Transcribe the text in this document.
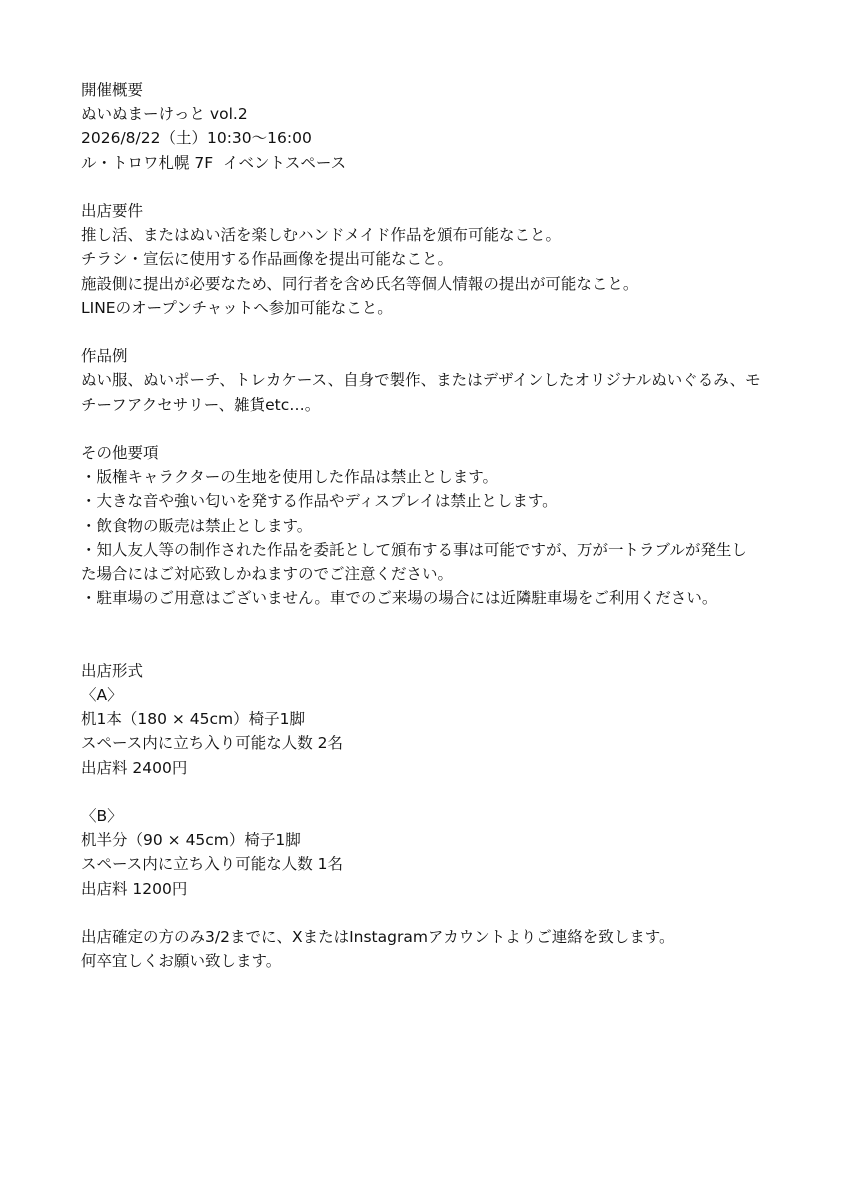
開催概要
ぬいぬまーけっと vol.2
2026/8/22（土）10:30〜16:00
ル・トロワ札幌 7F  イベントスペース
出店要件
推し活、またはぬい活を楽しむハンドメイド作品を頒布可能なこと。
チラシ・宣伝に使用する作品画像を提出可能なこと。
施設側に提出が必要なため、同行者を含め氏名等個人情報の提出が可能なこと。
LINEのオープンチャットへ参加可能なこと。
作品例
ぬい服、ぬいポーチ、トレカケース、自身で製作、またはデザインしたオリジナルぬいぐるみ、モ
チーフアクセサリー、雑貨etc…。
その他要項
・版権キャラクターの生地を使用した作品は禁止とします。
・大きな音や強い匂いを発する作品やディスプレイは禁止とします。
・飲食物の販売は禁止とします。
・知人友人等の制作された作品を委託として頒布する事は可能ですが、万が一トラブルが発生し
た場合にはご対応致しかねますのでご注意ください。
・駐車場のご用意はございません。車でのご来場の場合には近隣駐車場をご利用ください。
出店形式
〈A〉
机1本（180 × 45cm）椅子1脚
スペース内に立ち入り可能な人数 2名
出店料 2400円
〈B〉
机半分（90 × 45cm）椅子1脚
スペース内に立ち入り可能な人数 1名
出店料 1200円
出店確定の方のみ3/2までに、XまたはInstagramアカウントよりご連絡を致します。
何卒宜しくお願い致します。
